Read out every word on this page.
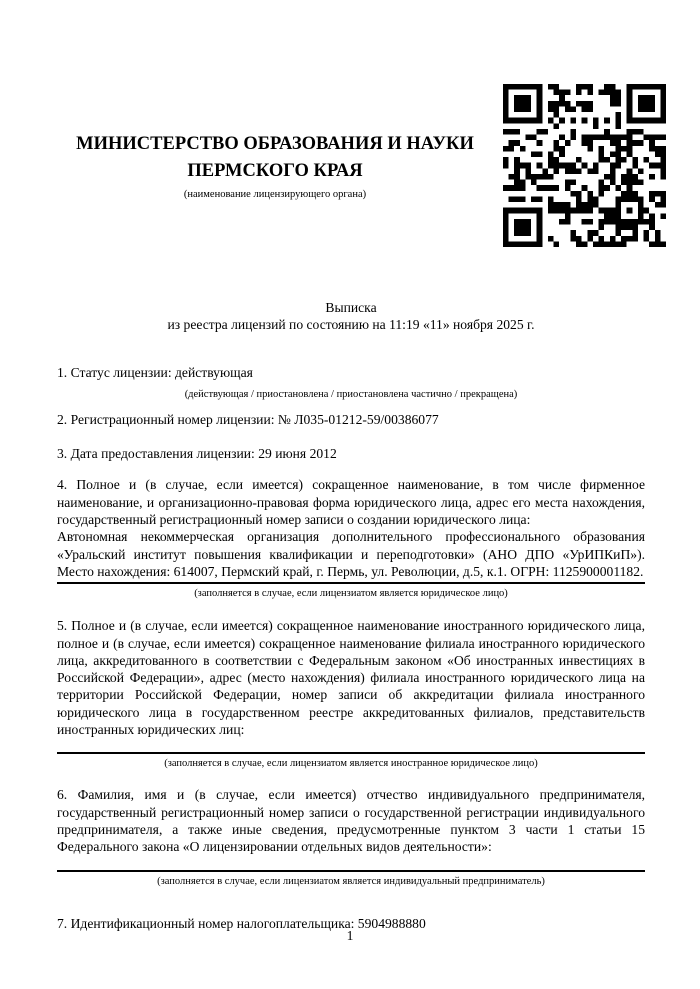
МИНИСТЕРСТВО ОБРАЗОВАНИЯ И НАУКИ
ПЕРМСКОГО КРАЯ
(наименование лицензирующего органа)
Выписка
из реестра лицензий по состоянию на 11:19 «11» ноября 2025 г.

1. Статус лицензии: действующая

(действующая / приостановлена / приостановлена частично / прекращена)

2. Регистрационный номер лицензии: № Л035-01212-59/00386077

3. Дата предоставления лицензии: 29 июня 2012

4. Полное и (в случае, если имеется) сокращенное наименование, в том числе фирменное наименование, и организационно-правовая форма юридического лица, адрес его места нахождения, государственный регистрационный номер записи о создании юридического лица:
Автономная некоммерческая организация дополнительного профессионального образования «Уральский институт повышения квалификации и переподготовки» (АНО ДПО «УрИПКиП»). Место нахождения: 614007, Пермский край, г. Пермь, ул. Революции, д.5, к.1. ОГРН: 1125900001182.
(заполняется в случае, если лицензиатом является юридическое лицо)
5. Полное и (в случае, если имеется) сокращенное наименование иностранного юридического лица, полное и (в случае, если имеется) сокращенное наименование филиала иностранного юридического лица, аккредитованного в соответствии с Федеральным законом «Об иностранных инвестициях в Российской Федерации», адрес (место нахождения) филиала иностранного юридического лица на территории Российской Федерации, номер записи об аккредитации филиала иностранного юридического лица в государственном реестре аккредитованных филиалов, представительств иностранных юридических лиц:
(заполняется в случае, если лицензиатом является иностранное юридическое лицо)
6. Фамилия, имя и (в случае, если имеется) отчество индивидуального предпринимателя, государственный регистрационный номер записи о государственной регистрации индивидуального предпринимателя, а также иные сведения, предусмотренные пунктом 3 части 1 статьи 15 Федерального закона «О лицензировании отдельных видов деятельности»:
(заполняется в случае, если лицензиатом является индивидуальный предприниматель)

7. Идентификационный номер налогоплательщика: 5904988880

1
